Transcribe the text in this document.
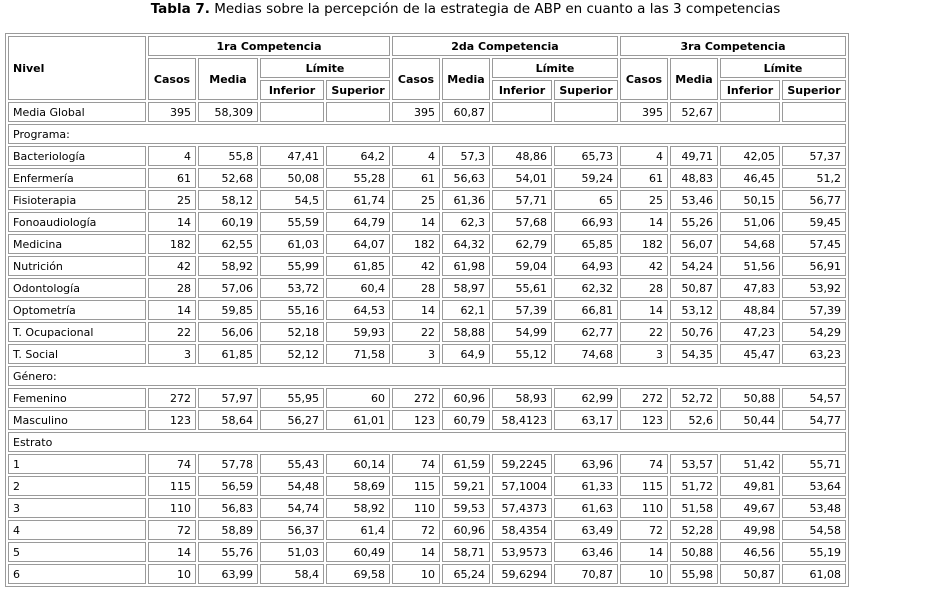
Tabla 7. Medias sobre la percepción de la estrategia de ABP en cuanto a las 3 competencias
Nivel	1ra Competencia				2da Competencia				3ra Competencia			
	Casos	Media	Límite		Casos	Media	Límite		Casos	Media	Límite	
			Inferior	Superior			Inferior	Superior			Inferior	Superior
Media Global	395	58,309			395	60,87			395	52,67		
Programa:												
Bacteriología	4	55,8	47,41	64,2	4	57,3	48,86	65,73	4	49,71	42,05	57,37
Enfermería	61	52,68	50,08	55,28	61	56,63	54,01	59,24	61	48,83	46,45	51,2
Fisioterapia	25	58,12	54,5	61,74	25	61,36	57,71	65	25	53,46	50,15	56,77
Fonoaudiología	14	60,19	55,59	64,79	14	62,3	57,68	66,93	14	55,26	51,06	59,45
Medicina	182	62,55	61,03	64,07	182	64,32	62,79	65,85	182	56,07	54,68	57,45
Nutrición	42	58,92	55,99	61,85	42	61,98	59,04	64,93	42	54,24	51,56	56,91
Odontología	28	57,06	53,72	60,4	28	58,97	55,61	62,32	28	50,87	47,83	53,92
Optometría	14	59,85	55,16	64,53	14	62,1	57,39	66,81	14	53,12	48,84	57,39
T. Ocupacional	22	56,06	52,18	59,93	22	58,88	54,99	62,77	22	50,76	47,23	54,29
T. Social	3	61,85	52,12	71,58	3	64,9	55,12	74,68	3	54,35	45,47	63,23
Género:												
Femenino	272	57,97	55,95	60	272	60,96	58,93	62,99	272	52,72	50,88	54,57
Masculino	123	58,64	56,27	61,01	123	60,79	58,4123	63,17	123	52,6	50,44	54,77
Estrato												
1	74	57,78	55,43	60,14	74	61,59	59,2245	63,96	74	53,57	51,42	55,71
2	115	56,59	54,48	58,69	115	59,21	57,1004	61,33	115	51,72	49,81	53,64
3	110	56,83	54,74	58,92	110	59,53	57,4373	61,63	110	51,58	49,67	53,48
4	72	58,89	56,37	61,4	72	60,96	58,4354	63,49	72	52,28	49,98	54,58
5	14	55,76	51,03	60,49	14	58,71	53,9573	63,46	14	50,88	46,56	55,19
6	10	63,99	58,4	69,58	10	65,24	59,6294	70,87	10	55,98	50,87	61,08
